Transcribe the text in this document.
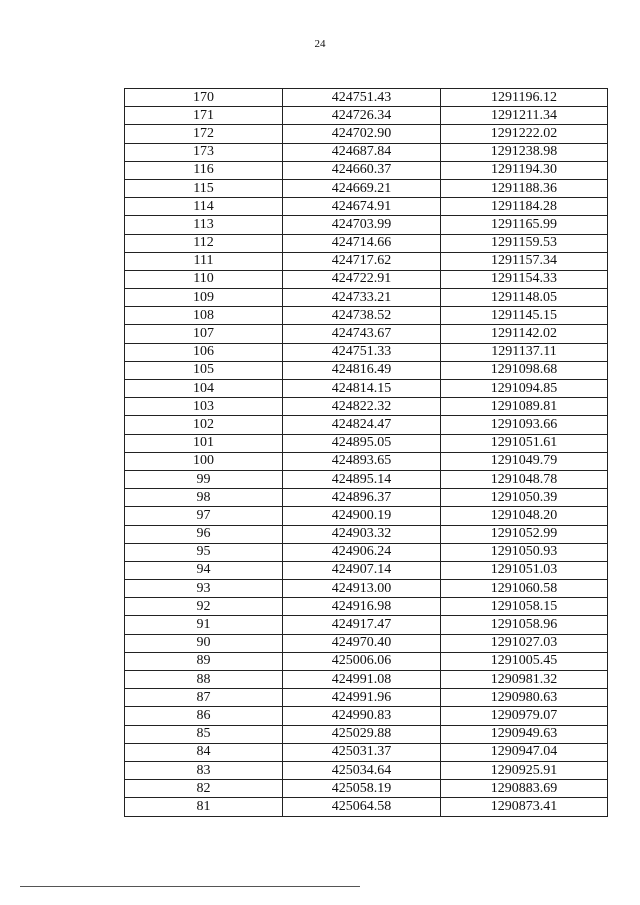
24
170	424751.43	1291196.12
171	424726.34	1291211.34
172	424702.90	1291222.02
173	424687.84	1291238.98
116	424660.37	1291194.30
115	424669.21	1291188.36
114	424674.91	1291184.28
113	424703.99	1291165.99
112	424714.66	1291159.53
111	424717.62	1291157.34
110	424722.91	1291154.33
109	424733.21	1291148.05
108	424738.52	1291145.15
107	424743.67	1291142.02
106	424751.33	1291137.11
105	424816.49	1291098.68
104	424814.15	1291094.85
103	424822.32	1291089.81
102	424824.47	1291093.66
101	424895.05	1291051.61
100	424893.65	1291049.79
99	424895.14	1291048.78
98	424896.37	1291050.39
97	424900.19	1291048.20
96	424903.32	1291052.99
95	424906.24	1291050.93
94	424907.14	1291051.03
93	424913.00	1291060.58
92	424916.98	1291058.15
91	424917.47	1291058.96
90	424970.40	1291027.03
89	425006.06	1291005.45
88	424991.08	1290981.32
87	424991.96	1290980.63
86	424990.83	1290979.07
85	425029.88	1290949.63
84	425031.37	1290947.04
83	425034.64	1290925.91
82	425058.19	1290883.69
81	425064.58	1290873.41
